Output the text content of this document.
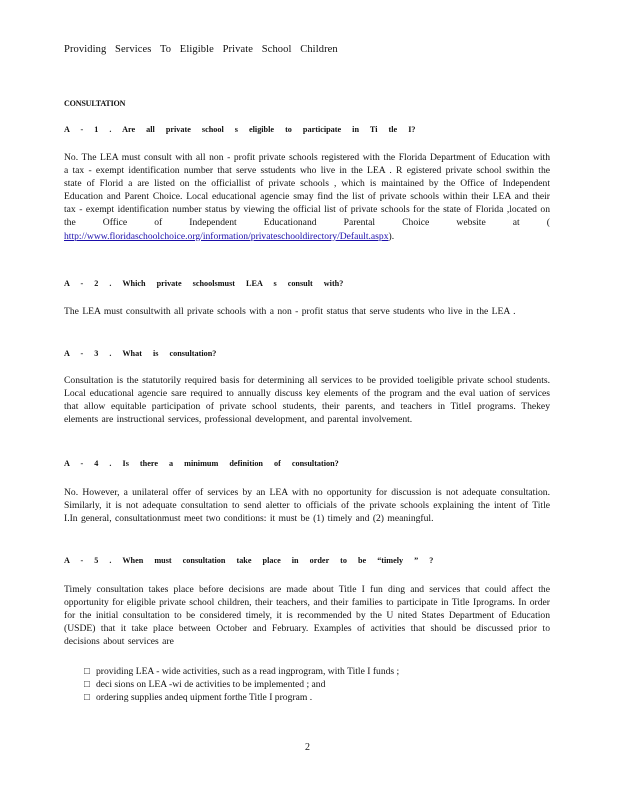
Providing Services To Eligible Private School Children
CONSULTATION
A - 1 . Are all private school s eligible to participate in Ti tle I?
No. The LEA must consult with all non - profit private schools registered with the Florida Department of Education with a tax - exempt identification number that serve sstudents who live in the LEA . R egistered private school swithin the state of Florid a are listed on the officiallist of private schools , which is maintained by the Office of Independent Education and Parent Choice. Local educational agencie smay find the list of private schools within their LEA and their tax - exempt identification number status by viewing the official list of private schools for the state of Florida ,located on the Office of Independent Educationand Parental Choice website at ( http://www.floridaschoolchoice.org/information/privateschooldirectory/Default.aspx).
A - 2 . Which private schoolsmust LEA s consult with?
The LEA must consultwith all private schools with a non - profit status that serve students who live in the LEA .
A - 3 . What is consultation?
Consultation is the statutorily required basis for determining all services to be provided toeligible private school students. Local educational agencie sare required to annually discuss key elements of the program and the eval uation of services that allow equitable participation of private school students, their parents, and teachers in TitleI programs. Thekey elements are instructional services, professional development, and parental involvement.
A - 4 . Is there a minimum definition of consultation?
No. However, a unilateral offer of services by an LEA with no opportunity for discussion is not adequate consultation. Similarly, it is not adequate consultation to send aletter to officials of the private schools explaining the intent of Title I.In general, consultationmust meet two conditions: it must be (1) timely and (2) meaningful.
A - 5 . When must consultation take place in order to be “timely ” ?
Timely consultation takes place before decisions are made about Title I fun ding and services that could affect the opportunity for eligible private school children, their teachers, and their families to participate in Title Iprograms. In order for the initial consultation to be considered timely, it is recommended by the U nited States Department of Education (USDE) that it take place between October and February. Examples of activities that should be discussed prior to decisions about services are
□ providing LEA - wide activities, such as a read ingprogram, with Title I funds ;
□ deci sions on LEA -wi de activities to be implemented ; and
□ ordering supplies andeq uipment forthe Title I program .
2
